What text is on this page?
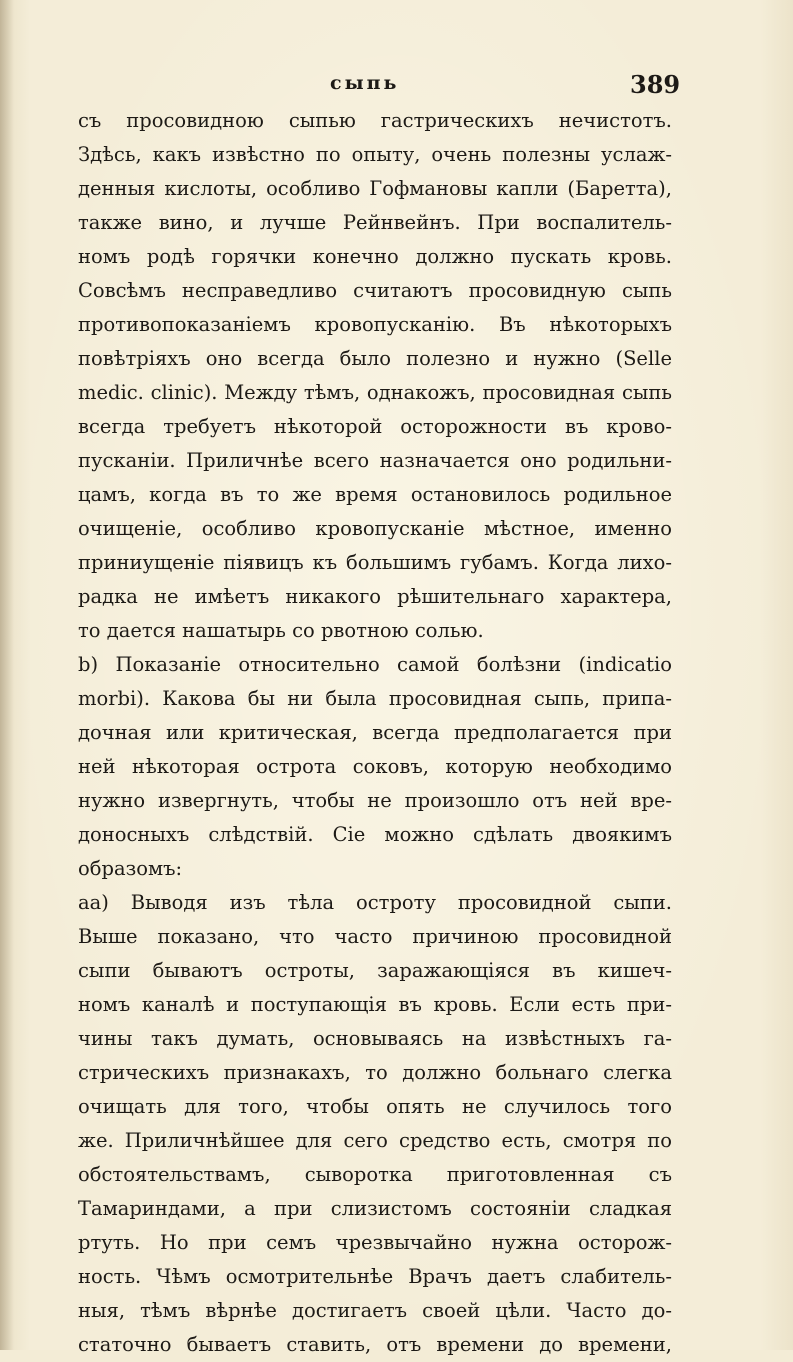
сыпь	389
съ просовидною сыпью гастрическихъ нечистотъ.
Здѣсь, какъ извѣстно по опыту, очень полезны услаж-
денныя кислоты, особливо Гофмановы капли (Баретта),
также вино, и лучше Рейнвейнъ. При воспалитель-
номъ родѣ горячки конечно должно пускать кровь.
Совсѣмъ несправедливо считаютъ просовидную сыпь
противопоказаніемъ кровопусканію. Въ нѣкоторыхъ
повѣтріяхъ оно всегда было полезно и нужно (Selle
medic. clinic). Между тѣмъ, однакожъ, просовидная сыпь
всегда требуетъ нѣкоторой осторожности въ крово-
пусканіи. Приличнѣе всего назначается оно родильни-
цамъ, когда въ то же время остановилось родильное
очищеніе, особливо кровопусканіе мѣстное, именно
приниущеніе піявицъ къ большимъ губамъ. Когда лихо-
радка не имѣетъ никакого рѣшительнаго характера,
то дается нашатырь со рвотною солью.
b) Показаніе относительно самой болѣзни (indicatio
morbi). Какова бы ни была просовидная сыпь, припа-
дочная или критическая, всегда предполагается при
ней нѣкоторая острота соковъ, которую необходимо
нужно извергнуть, чтобы не произошло отъ ней вре-
доносныхъ слѣдствій. Сіе можно сдѣлать двоякимъ
образомъ:
aa) Выводя изъ тѣла остроту просовидной сыпи.
Выше показано, что часто причиною просовидной
сыпи бываютъ остроты, заражающіяся въ кишеч-
номъ каналѣ и поступающія въ кровь. Если есть при-
чины такъ думать, основываясь на извѣстныхъ га-
стрическихъ признакахъ, то должно больнаго слегка
очищать для того, чтобы опять не случилось того
же. Приличнѣйшее для сего средство есть, смотря по
обстоятельствамъ, сыворотка приготовленная съ
Тамариндами, а при слизистомъ состояніи сладкая
ртуть. Но при семъ чрезвычайно нужна осторож-
ность. Чѣмъ осмотрительнѣе Врачъ даетъ слабитель-
ныя, тѣмъ вѣрнѣе достигаетъ своей цѣли. Часто до-
статочно бываетъ ставить, отъ времени до времени,
